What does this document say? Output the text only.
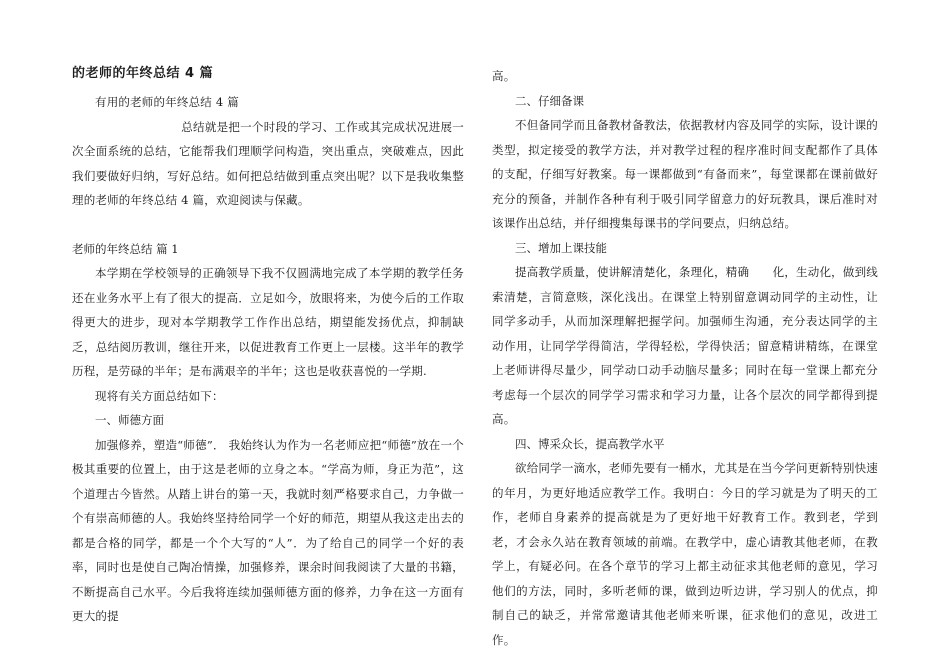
的老师的年终总结 4 篇

有用的老师的年终总结 4 篇

总结就是把一个时段的学习、工作或其完成状况进展一次全面系统的总结，它能帮我们理顺学问构造，突出重点，突破难点，因此我们要做好归纳，写好总结。如何把总结做到重点突出呢？以下是我收集整理的老师的年终总结 4 篇，欢迎阅读与保藏。

老师的年终总结 篇 1

本学期在学校领导的正确领导下我不仅圆满地完成了本学期的教学任务还在业务水平上有了很大的提高．立足如今，放眼将来，为使今后的工作取得更大的进步，现对本学期教学工作作出总结，期望能发扬优点，抑制缺乏，总结阅历教训，继往开来，以促进教育工作更上一层楼。这半年的教学历程，是劳碌的半年；是布满艰辛的半年；这也是收获喜悦的一学期.

现将有关方面总结如下：

一、师德方面

加强修养，塑造“师德”． 我始终认为作为一名老师应把“师德”放在一个极其重要的位置上，由于这是老师的立身之本。“学高为师，身正为范”，这个道理古今皆然。从踏上讲台的第一天，我就时刻严格要求自己，力争做一个有崇高师德的人。我始终坚持给同学一个好的师范，期望从我这走出去的都是合格的同学，都是一个个大写的“人”．为了给自己的同学一个好的表率，同时也是使自己陶冶情操，加强修养，课余时间我阅读了大量的书籍，不断提高自己水平。今后我将连续加强师德方面的修养，力争在这一方面有更大的提

高。

二、仔细备课

不但备同学而且备教材备教法，依据教材内容及同学的实际，设计课的类型，拟定接受的教学方法，并对教学过程的程序准时间支配都作了具体的支配，仔细写好教案。每一课都做到“有备而来”，每堂课都在课前做好充分的预备，并制作各种有利于吸引同学留意力的好玩教具，课后准时对该课作出总结，并仔细搜集每课书的学问要点，归纳总结。

三、增加上课技能

提高教学质量，使讲解清楚化，条理化，精确　　化，生动化，做到线索清楚，言简意赅，深化浅出。在课堂上特别留意调动同学的主动性，让同学多动手，从而加深理解把握学问。加强师生沟通，充分表达同学的主动作用，让同学学得简洁，学得轻松，学得快活；留意精讲精练，在课堂上老师讲得尽量少，同学动口动手动脑尽量多；同时在每一堂课上都充分考虑每一个层次的同学学习需求和学习力量，让各个层次的同学都得到提高。

四、博采众长，提高教学水平

欲给同学一滴水，老师先要有一桶水，尤其是在当今学问更新特别快速的年月，为更好地适应教学工作。我明白：今日的学习就是为了明天的工作，老师自身素养的提高就是为了更好地干好教育工作。教到老，学到老，才会永久站在教育领域的前端。在教学中，虚心请教其他老师，在教学上，有疑必问。在各个章节的学习上都主动征求其他老师的意见，学习他们的方法，同时，多听老师的课，做到边听边讲，学习别人的优点，抑制自己的缺乏，并常常邀请其他老师来听课，征求他们的意见，改进工作。
